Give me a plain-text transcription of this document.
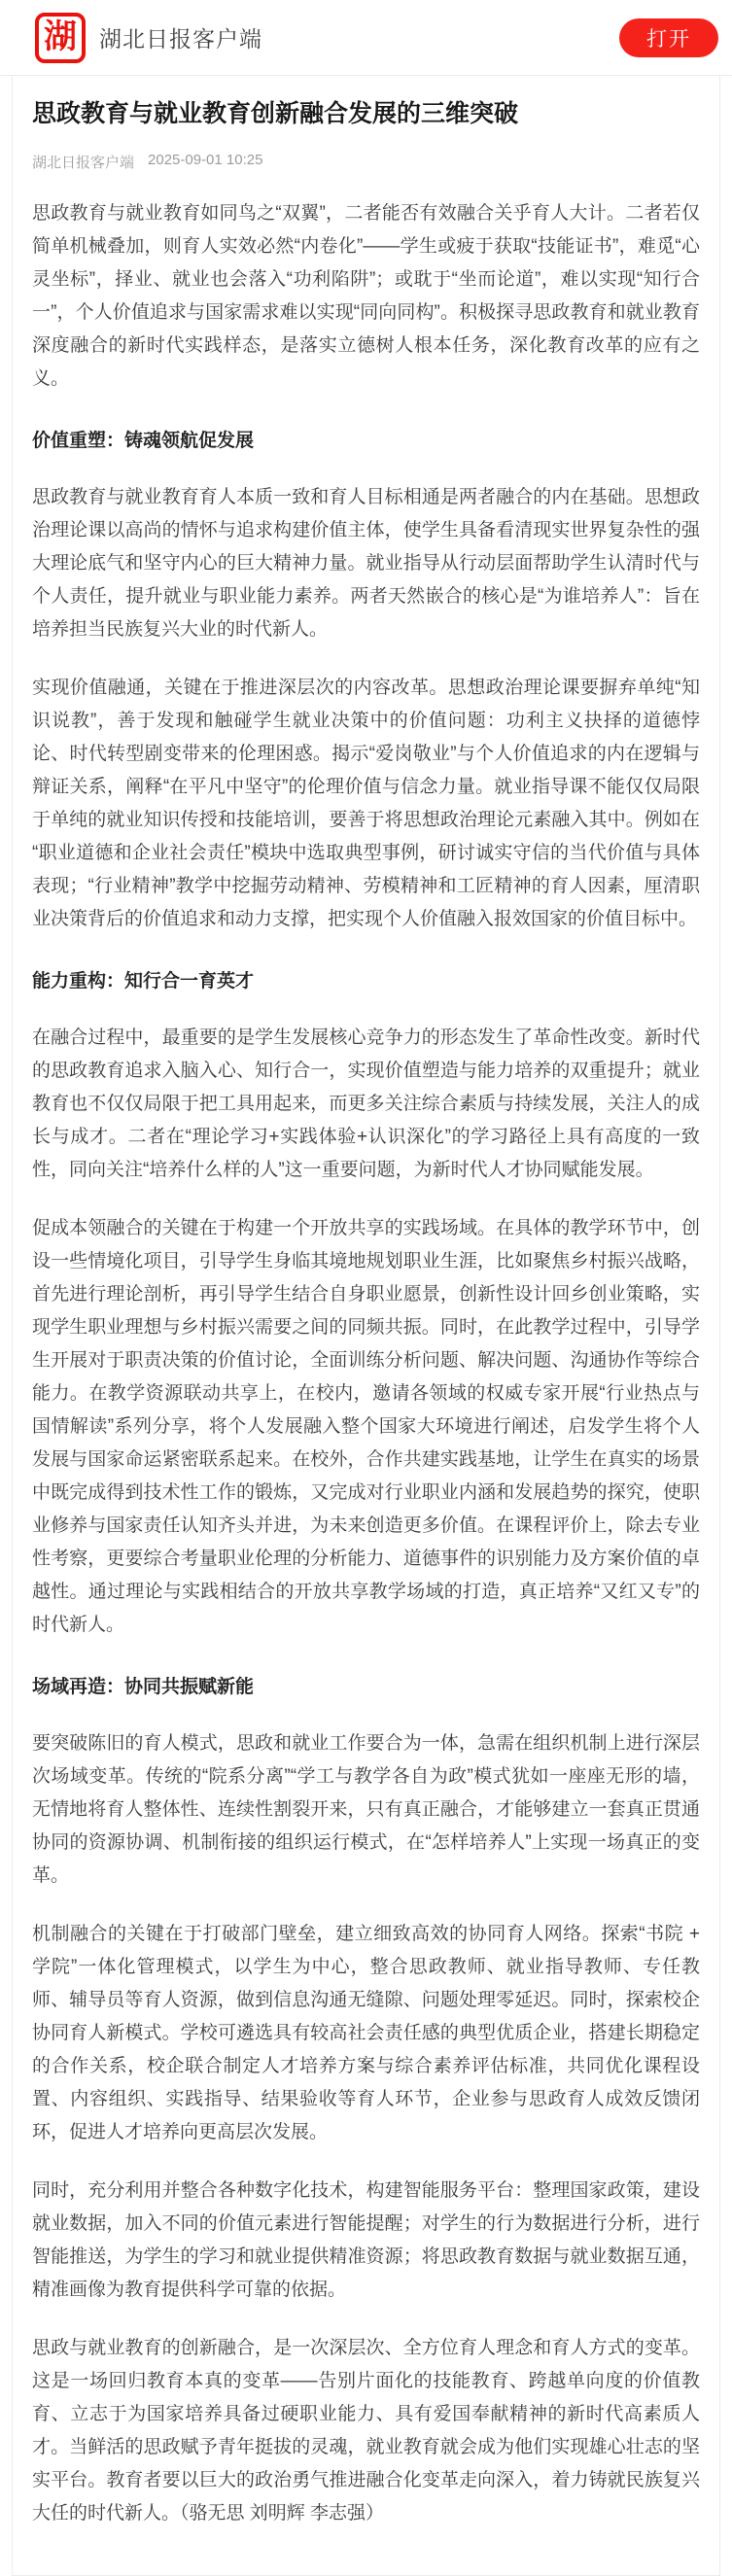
湖 湖北日报客户端	打开
思政教育与就业教育创新融合发展的三维突破
湖北日报客户端 2025-09-01 10:25

思政教育与就业教育如同鸟之“双翼”，二者能否有效融合关乎育人大计。二者若仅简单机械叠加，则育人实效必然“内卷化”——学生或疲于获取“技能证书”，难觅“心灵坐标”，择业、就业也会落入“功利陷阱”；或耽于“坐而论道”，难以实现“知行合一”，个人价值追求与国家需求难以实现“同向同构”。积极探寻思政教育和就业教育深度融合的新时代实践样态，是落实立德树人根本任务，深化教育改革的应有之义。

价值重塑：铸魂领航促发展

思政教育与就业教育育人本质一致和育人目标相通是两者融合的内在基础。思想政治理论课以高尚的情怀与追求构建价值主体，使学生具备看清现实世界复杂性的强大理论底气和坚守内心的巨大精神力量。就业指导从行动层面帮助学生认清时代与个人责任，提升就业与职业能力素养。两者天然嵌合的核心是“为谁培养人”：旨在培养担当民族复兴大业的时代新人。

实现价值融通，关键在于推进深层次的内容改革。思想政治理论课要摒弃单纯“知识说教”，善于发现和触碰学生就业决策中的价值问题：功利主义抉择的道德悖论、时代转型剧变带来的伦理困惑。揭示“爱岗敬业”与个人价值追求的内在逻辑与辩证关系，阐释“在平凡中坚守”的伦理价值与信念力量。就业指导课不能仅仅局限于单纯的就业知识传授和技能培训，要善于将思想政治理论元素融入其中。例如在“职业道德和企业社会责任”模块中选取典型事例，研讨诚实守信的当代价值与具体表现；“行业精神”教学中挖掘劳动精神、劳模精神和工匠精神的育人因素，厘清职业决策背后的价值追求和动力支撑，把实现个人价值融入报效国家的价值目标中。

能力重构：知行合一育英才

在融合过程中，最重要的是学生发展核心竞争力的形态发生了革命性改变。新时代的思政教育追求入脑入心、知行合一，实现价值塑造与能力培养的双重提升；就业教育也不仅仅局限于把工具用起来，而更多关注综合素质与持续发展，关注人的成长与成才。二者在“理论学习+实践体验+认识深化”的学习路径上具有高度的一致性，同向关注“培养什么样的人”这一重要问题，为新时代人才协同赋能发展。

促成本领融合的关键在于构建一个开放共享的实践场域。在具体的教学环节中，创设一些情境化项目，引导学生身临其境地规划职业生涯，比如聚焦乡村振兴战略，首先进行理论剖析，再引导学生结合自身职业愿景，创新性设计回乡创业策略，实现学生职业理想与乡村振兴需要之间的同频共振。同时，在此教学过程中，引导学生开展对于职责决策的价值讨论，全面训练分析问题、解决问题、沟通协作等综合能力。在教学资源联动共享上，在校内，邀请各领域的权威专家开展“行业热点与国情解读”系列分享，将个人发展融入整个国家大环境进行阐述，启发学生将个人发展与国家命运紧密联系起来。在校外，合作共建实践基地，让学生在真实的场景中既完成得到技术性工作的锻炼，又完成对行业职业内涵和发展趋势的探究，使职业修养与国家责任认知齐头并进，为未来创造更多价值。在课程评价上，除去专业性考察，更要综合考量职业伦理的分析能力、道德事件的识别能力及方案价值的卓越性。通过理论与实践相结合的开放共享教学场域的打造，真正培养“又红又专”的时代新人。

场域再造：协同共振赋新能

要突破陈旧的育人模式，思政和就业工作要合为一体，急需在组织机制上进行深层次场域变革。传统的“院系分离”“学工与教学各自为政”模式犹如一座座无形的墙，无情地将育人整体性、连续性割裂开来，只有真正融合，才能够建立一套真正贯通协同的资源协调、机制衔接的组织运行模式，在“怎样培养人”上实现一场真正的变革。

机制融合的关键在于打破部门壁垒，建立细致高效的协同育人网络。探索“书院 + 学院”一体化管理模式，以学生为中心，整合思政教师、就业指导教师、专任教师、辅导员等育人资源，做到信息沟通无缝隙、问题处理零延迟。同时，探索校企协同育人新模式。学校可遴选具有较高社会责任感的典型优质企业，搭建长期稳定的合作关系，校企联合制定人才培养方案与综合素养评估标准，共同优化课程设置、内容组织、实践指导、结果验收等育人环节，企业参与思政育人成效反馈闭环，促进人才培养向更高层次发展。

同时，充分利用并整合各种数字化技术，构建智能服务平台：整理国家政策，建设就业数据，加入不同的价值元素进行智能提醒；对学生的行为数据进行分析，进行智能推送，为学生的学习和就业提供精准资源；将思政教育数据与就业数据互通，精准画像为教育提供科学可靠的依据。

思政与就业教育的创新融合，是一次深层次、全方位育人理念和育人方式的变革。这是一场回归教育本真的变革——告别片面化的技能教育、跨越单向度的价值教育、立志于为国家培养具备过硬职业能力、具有爱国奉献精神的新时代高素质人才。当鲜活的思政赋予青年挺拔的灵魂，就业教育就会成为他们实现雄心壮志的坚实平台。教育者要以巨大的政治勇气推进融合化变革走向深入，着力铸就民族复兴大任的时代新人。（骆无思 刘明辉 李志强）
